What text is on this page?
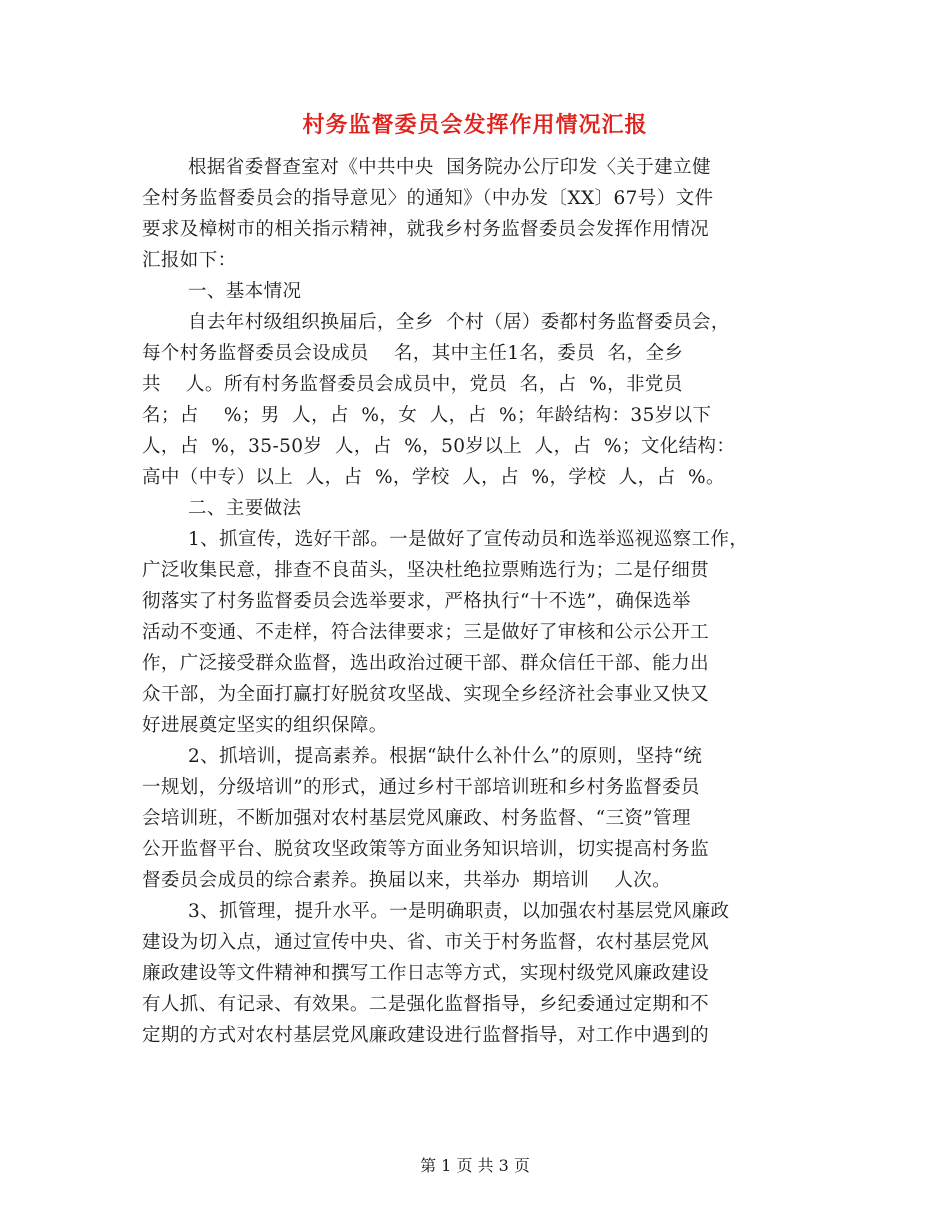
村务监督委员会发挥作用情况汇报
根据省委督查室对《中共中央  国务院办公厅印发〈关于建立健
全村务监督委员会的指导意见〉的通知》（中办发〔XX〕67号）文件
要求及樟树市的相关指示精神，就我乡村务监督委员会发挥作用情况
汇报如下：
一、基本情况
自去年村级组织换届后，全乡  个村（居）委都村务监督委员会，
每个村务监督委员会设成员    名，其中主任1名，委员  名，全乡
共    人。所有村务监督委员会成员中，党员  名，占  %，非党员
名；占    %；男  人，占  %，女  人，占  %；年龄结构：35岁以下
人，占  %，35-50岁  人，占  %，50岁以上  人，占  %；文化结构：
高中（中专）以上  人，占  %，学校  人，占  %，学校  人，占  %。
二、主要做法
1、抓宣传，选好干部。一是做好了宣传动员和选举巡视巡察工作，
广泛收集民意，排查不良苗头，坚决杜绝拉票贿选行为；二是仔细贯
彻落实了村务监督委员会选举要求，严格执行“十不选”，确保选举
活动不变通、不走样，符合法律要求；三是做好了审核和公示公开工
作，广泛接受群众监督，选出政治过硬干部、群众信任干部、能力出
众干部，为全面打赢打好脱贫攻坚战、实现全乡经济社会事业又快又
好进展奠定坚实的组织保障。
2、抓培训，提高素养。根据“缺什么补什么”的原则，坚持“统
一规划，分级培训”的形式，通过乡村干部培训班和乡村务监督委员
会培训班，不断加强对农村基层党风廉政、村务监督、“三资”管理
公开监督平台、脱贫攻坚政策等方面业务知识培训，切实提高村务监
督委员会成员的综合素养。换届以来，共举办  期培训    人次。
3、抓管理，提升水平。一是明确职责，以加强农村基层党风廉政
建设为切入点，通过宣传中央、省、市关于村务监督，农村基层党风
廉政建设等文件精神和撰写工作日志等方式，实现村级党风廉政建设
有人抓、有记录、有效果。二是强化监督指导，乡纪委通过定期和不
定期的方式对农村基层党风廉政建设进行监督指导，对工作中遇到的
第 1 页 共 3 页
